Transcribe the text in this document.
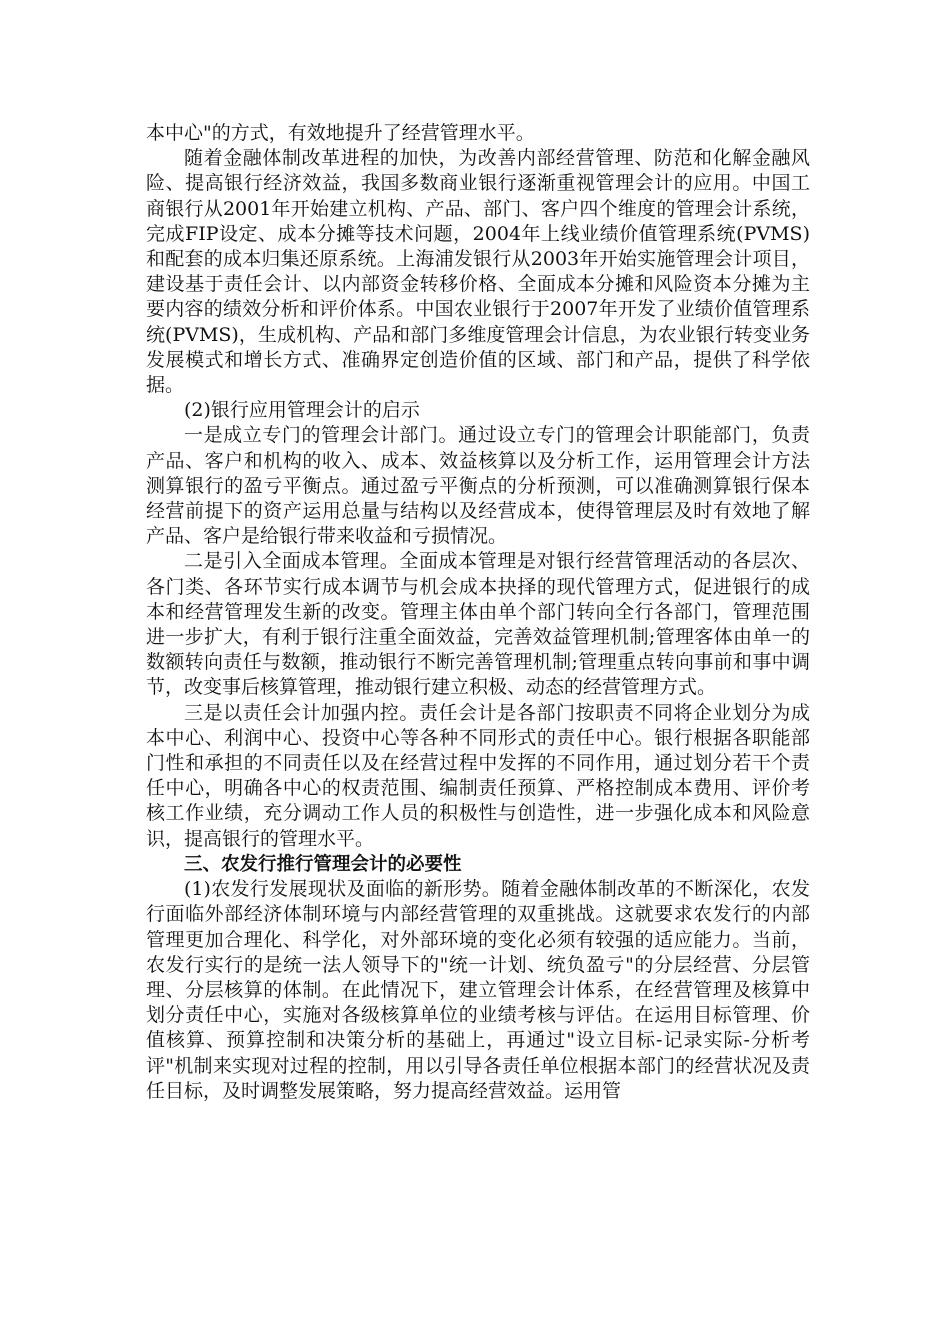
本中心"的方式，有效地提升了经营管理水平。

随着金融体制改革进程的加快，为改善内部经营管理、防范和化解金融风险、提高银行经济效益，我国多数商业银行逐渐重视管理会计的应用。中国工商银行从2001年开始建立机构、产品、部门、客户四个维度的管理会计系统，完成FIP设定、成本分摊等技术问题，2004年上线业绩价值管理系统(PVMS)和配套的成本归集还原系统。上海浦发银行从2003年开始实施管理会计项目，建设基于责任会计、以内部资金转移价格、全面成本分摊和风险资本分摊为主要内容的绩效分析和评价体系。中国农业银行于2007年开发了业绩价值管理系统(PVMS)，生成机构、产品和部门多维度管理会计信息，为农业银行转变业务发展模式和增长方式、准确界定创造价值的区域、部门和产品，提供了科学依据。

(2)银行应用管理会计的启示

一是成立专门的管理会计部门。通过设立专门的管理会计职能部门，负责产品、客户和机构的收入、成本、效益核算以及分析工作，运用管理会计方法测算银行的盈亏平衡点。通过盈亏平衡点的分析预测，可以准确测算银行保本经营前提下的资产运用总量与结构以及经营成本，使得管理层及时有效地了解产品、客户是给银行带来收益和亏损情况。

二是引入全面成本管理。全面成本管理是对银行经营管理活动的各层次、各门类、各环节实行成本调节与机会成本抉择的现代管理方式，促进银行的成本和经营管理发生新的改变。管理主体由单个部门转向全行各部门，管理范围进一步扩大，有利于银行注重全面效益，完善效益管理机制;管理客体由单一的数额转向责任与数额，推动银行不断完善管理机制;管理重点转向事前和事中调节，改变事后核算管理，推动银行建立积极、动态的经营管理方式。

三是以责任会计加强内控。责任会计是各部门按职责不同将企业划分为成本中心、利润中心、投资中心等各种不同形式的责任中心。银行根据各职能部门性和承担的不同责任以及在经营过程中发挥的不同作用，通过划分若干个责任中心，明确各中心的权责范围、编制责任预算、严格控制成本费用、评价考核工作业绩，充分调动工作人员的积极性与创造性，进一步强化成本和风险意识，提高银行的管理水平。

三、农发行推行管理会计的必要性

(1)农发行发展现状及面临的新形势。随着金融体制改革的不断深化，农发行面临外部经济体制环境与内部经营管理的双重挑战。这就要求农发行的内部管理更加合理化、科学化，对外部环境的变化必须有较强的适应能力。当前，农发行实行的是统一法人领导下的"统一计划、统负盈亏"的分层经营、分层管理、分层核算的体制。在此情况下，建立管理会计体系，在经营管理及核算中划分责任中心，实施对各级核算单位的业绩考核与评估。在运用目标管理、价值核算、预算控制和决策分析的基础上，再通过"设立目标-记录实际-分析考评"机制来实现对过程的控制，用以引导各责任单位根据本部门的经营状况及责任目标，及时调整发展策略，努力提高经营效益。运用管
